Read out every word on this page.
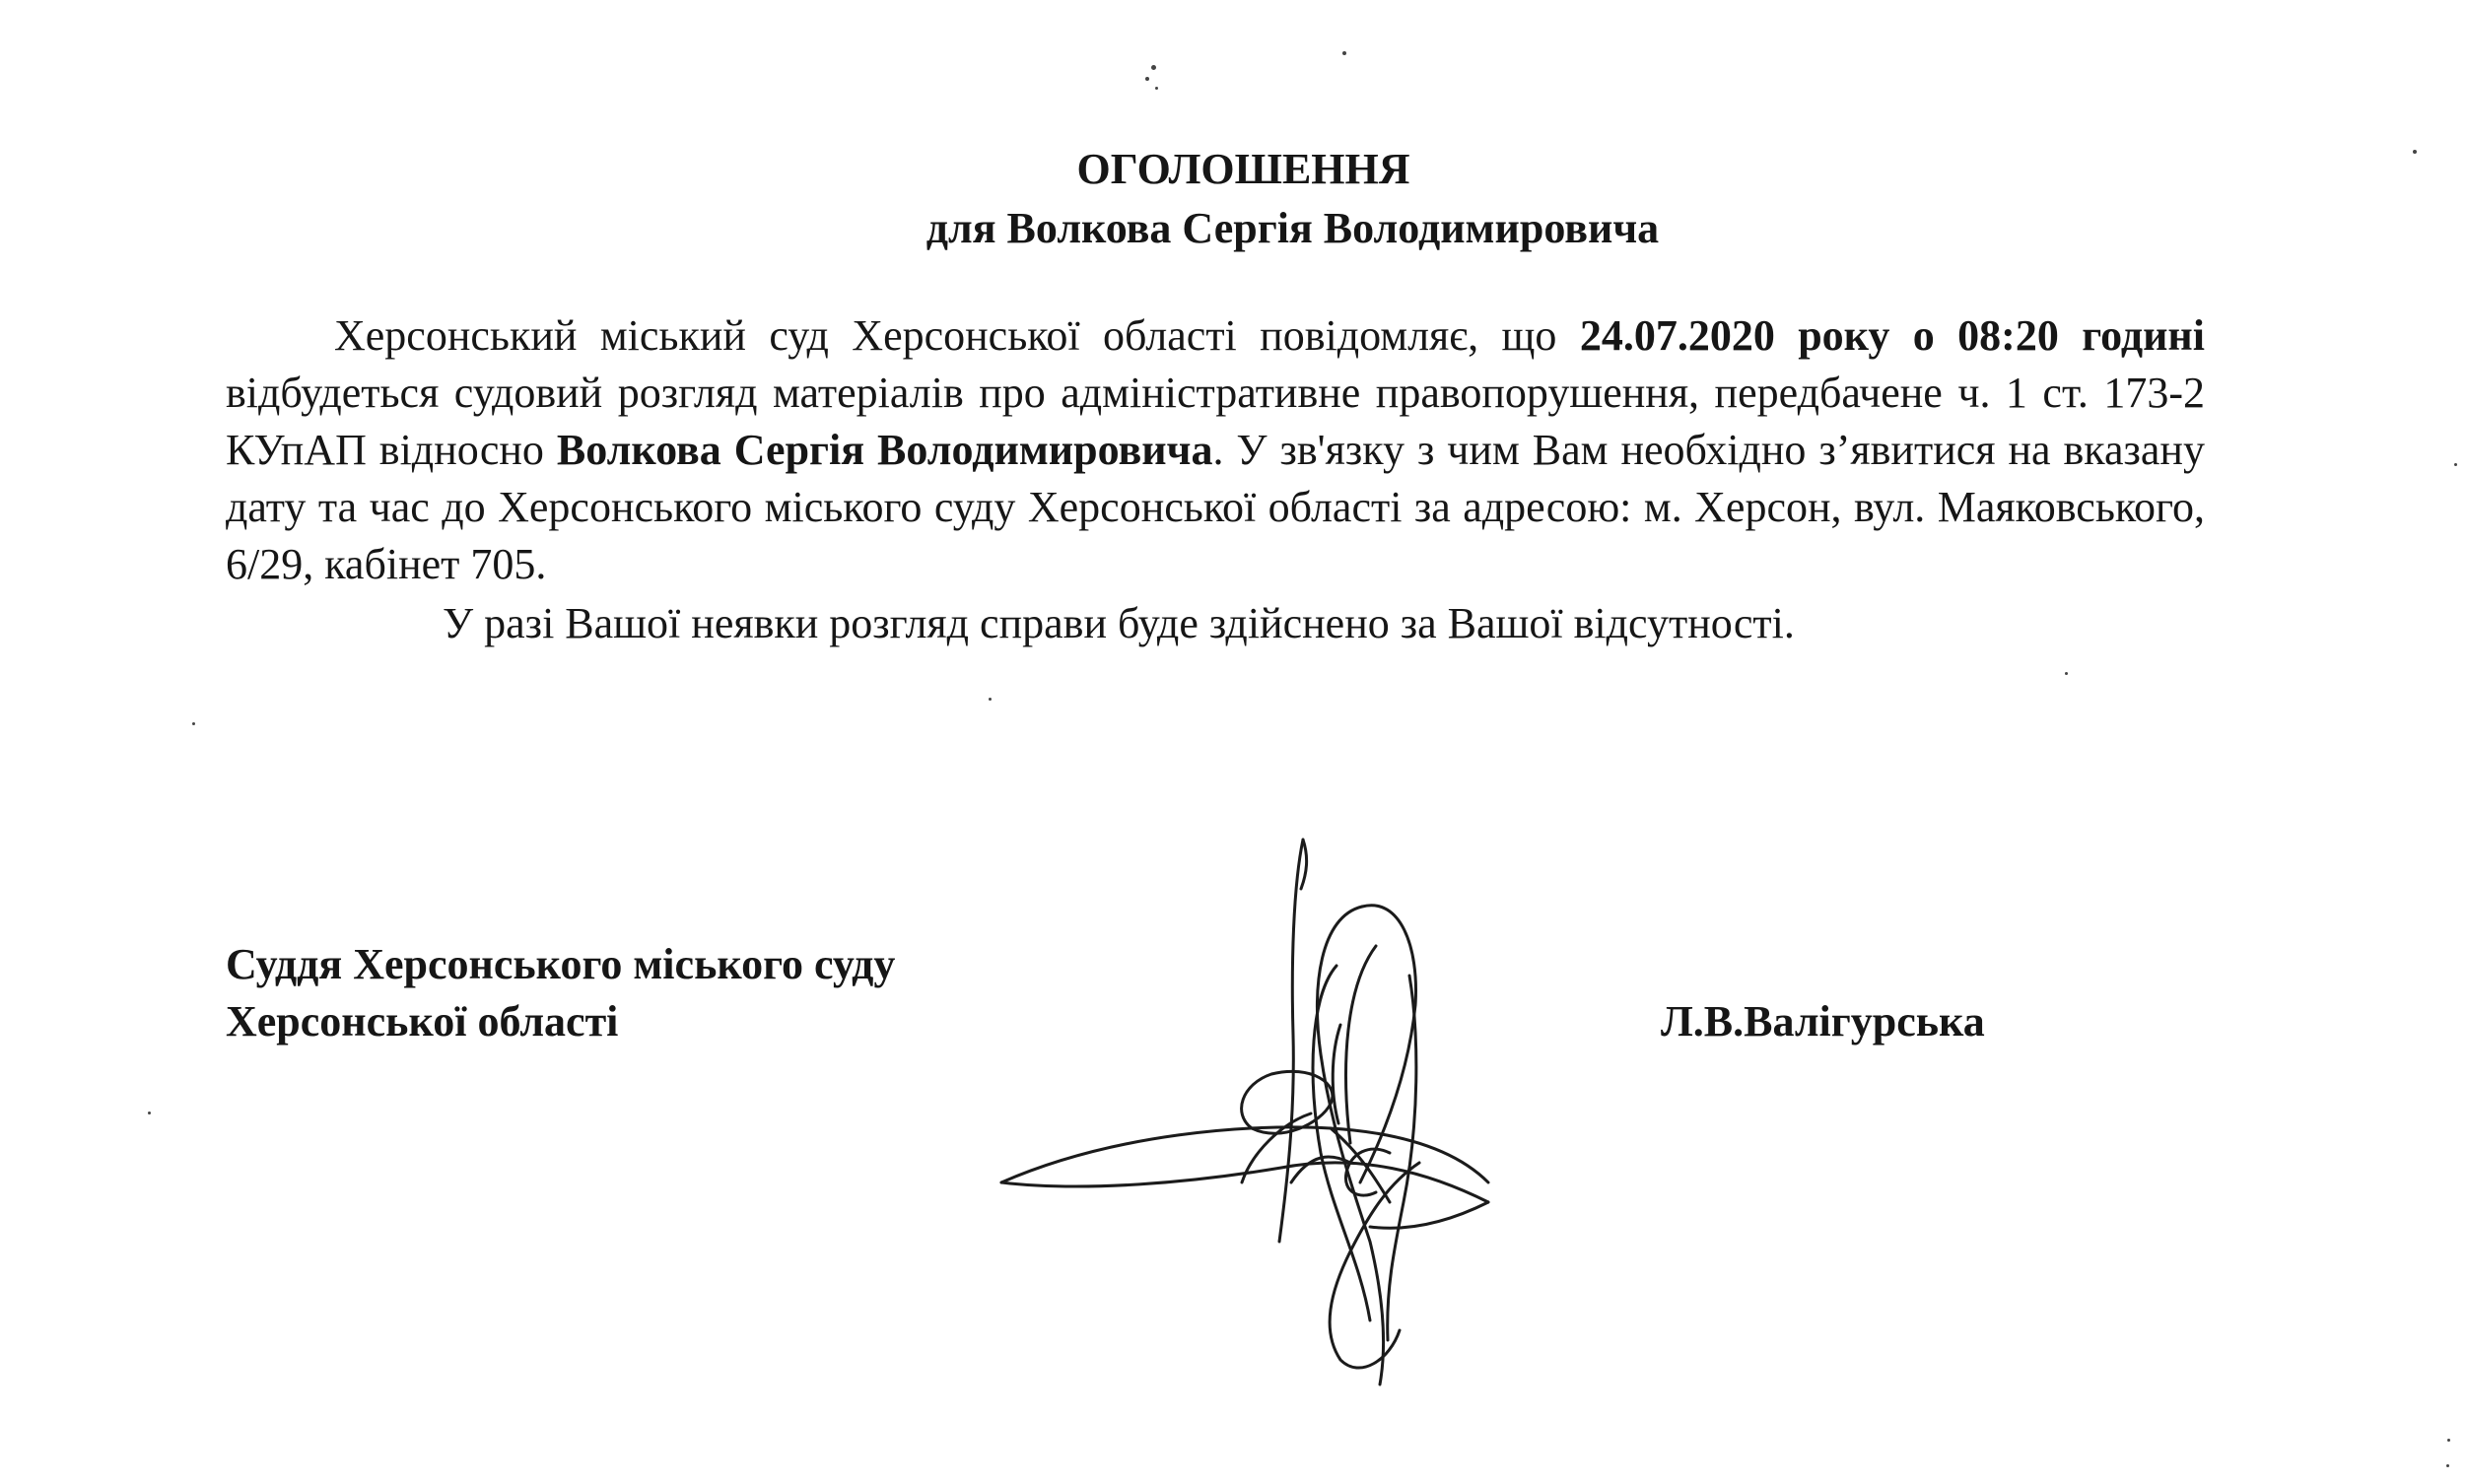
ОГОЛОШЕННЯ
для Волкова Сергія Володимировича
Херсонський міський суд Херсонської області повідомляє, що 24.07.2020 року о 08:20 годині відбудеться судовий розгляд матеріалів про адміністративне правопорушення, передбачене ч. 1 ст. 173-2 КУпАП відносно Волкова Сергія Володимировича. У зв'язку з чим Вам необхідно з’явитися на вказану дату та час до Херсонського міського суду Херсонської області за адресою: м. Херсон, вул. Маяковського, 6/29, кабінет 705.
У разі Вашої неявки розгляд справи буде здійснено за Вашої відсутності.
Суддя Херсонського міського суду
Херсонської області	Л.В.Валігурська
